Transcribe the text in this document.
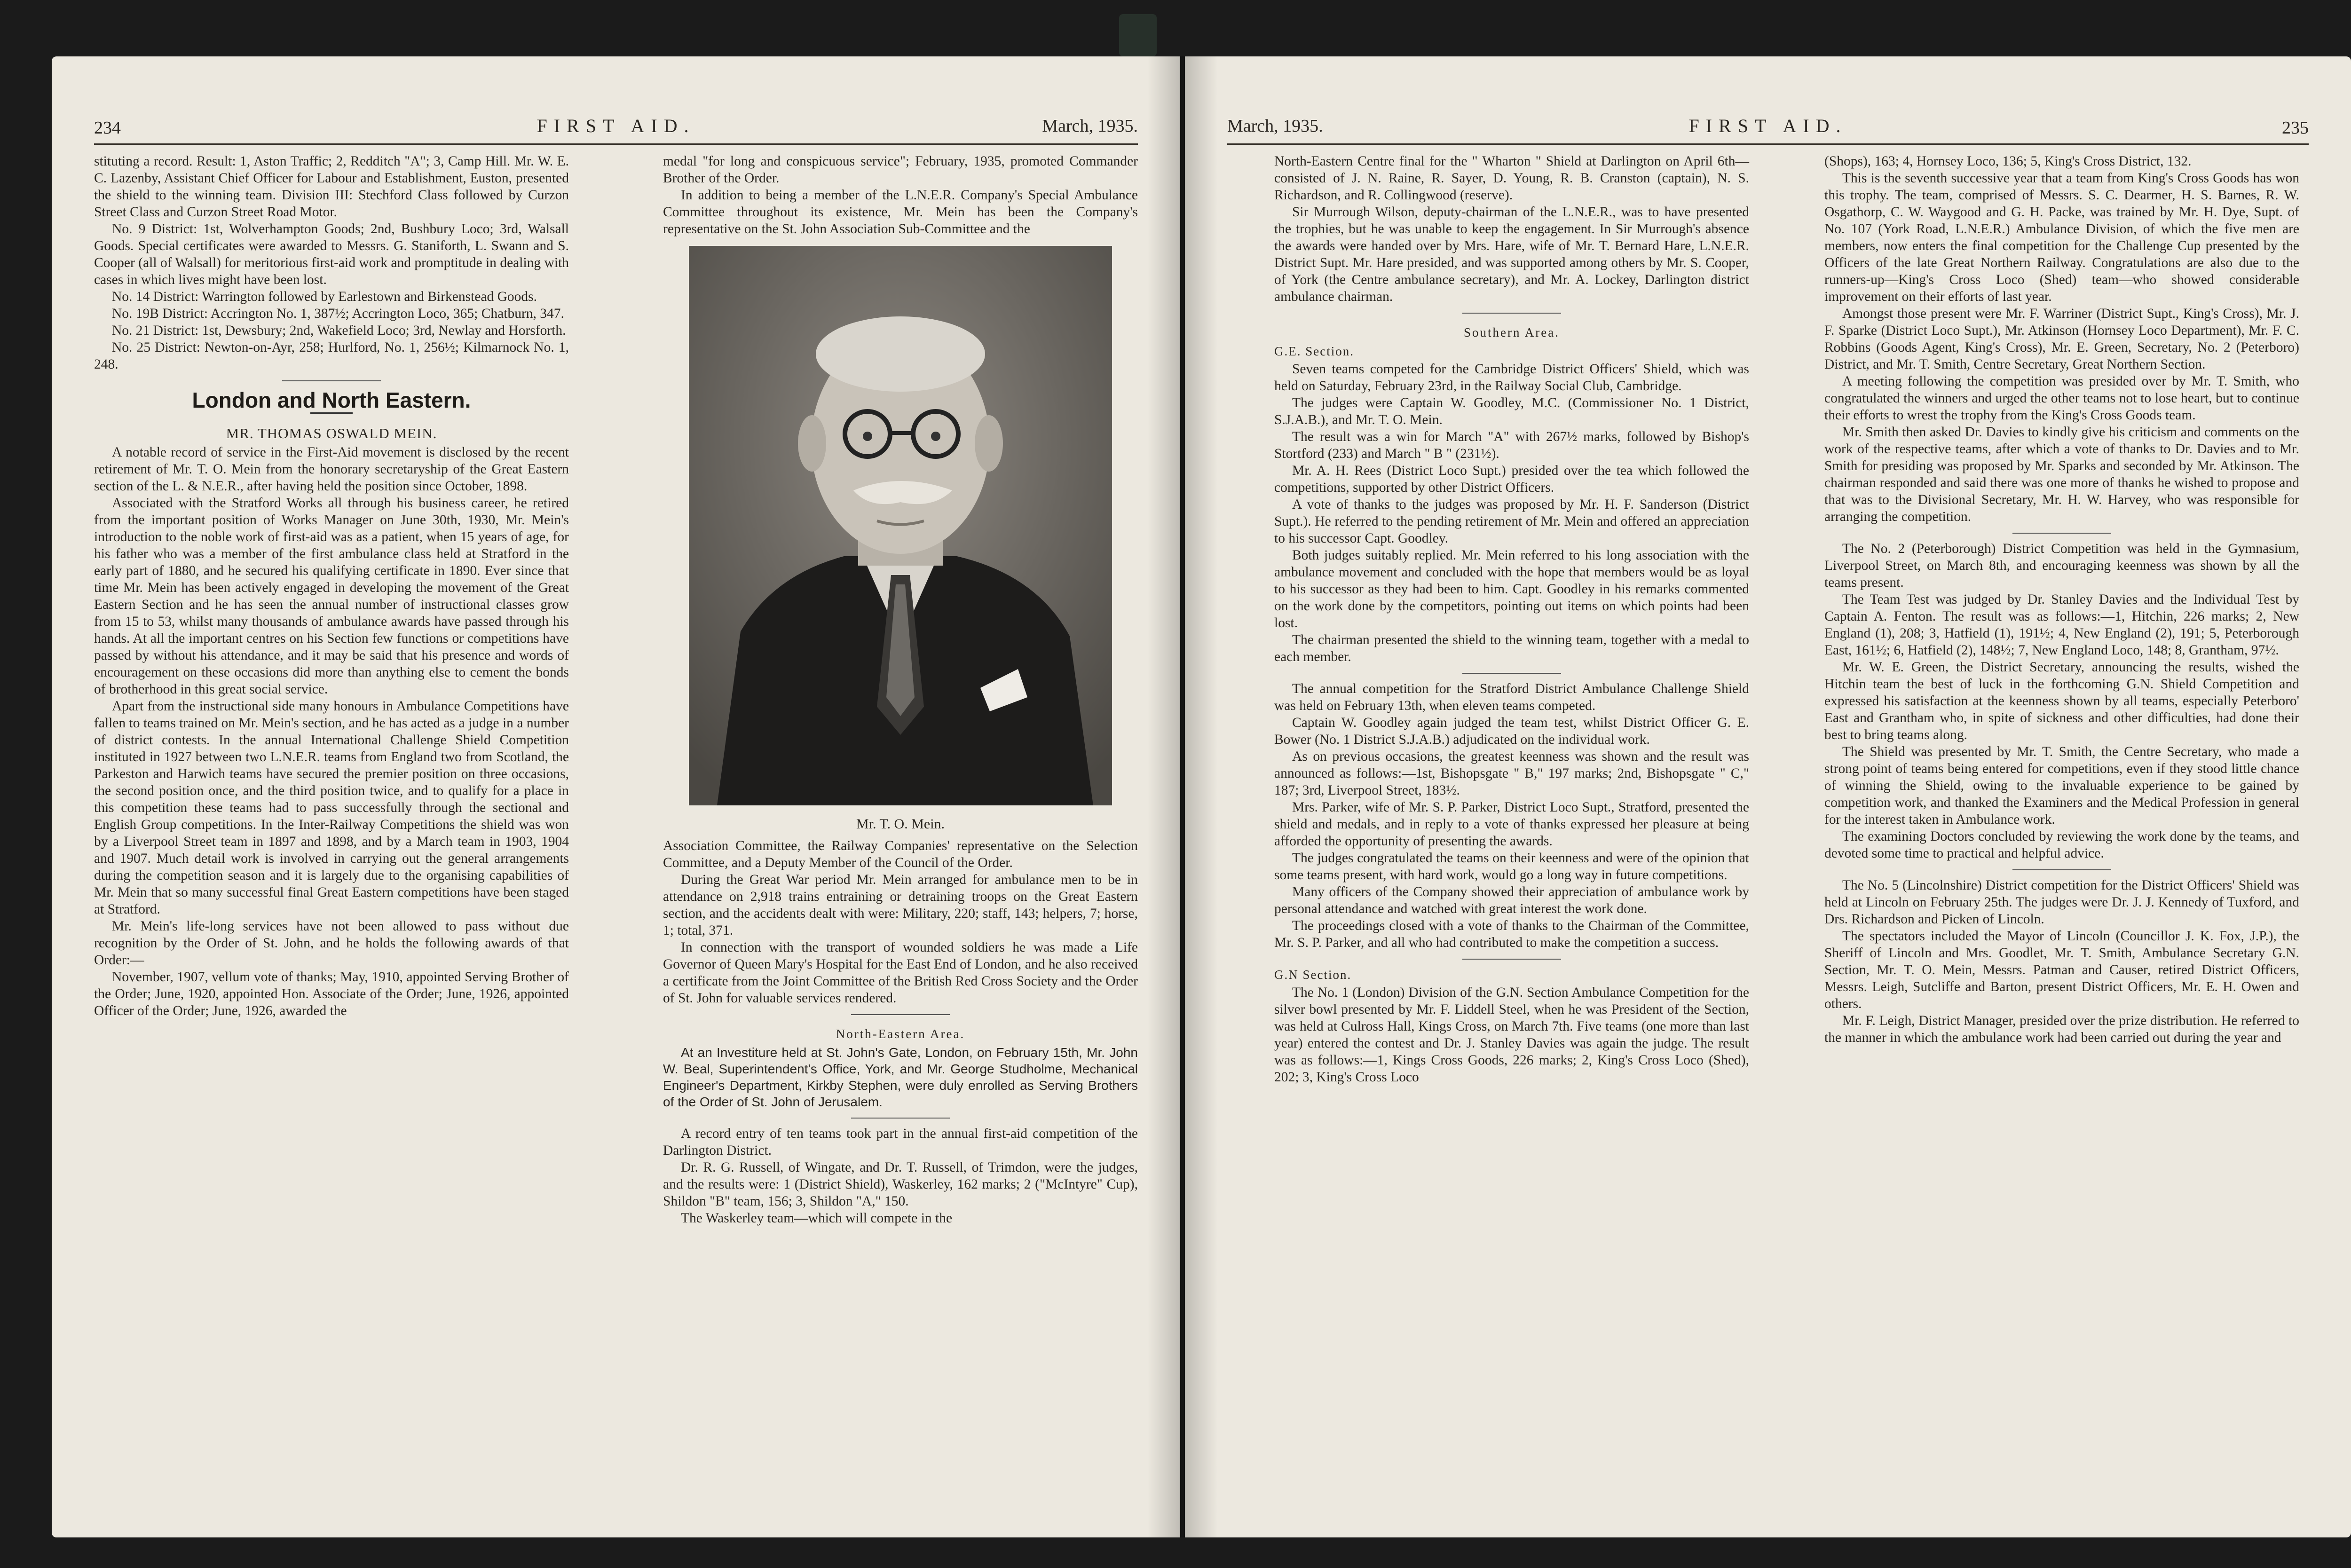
234	FIRST AID.	March, 1935.

stituting a record. Result: 1, Aston Traffic; 2, Redditch "A"; 3, Camp Hill. Mr. W. E. C. Lazenby, Assistant Chief Officer for Labour and Establishment, Euston, presented the shield to the winning team. Division III: Stechford Class followed by Curzon Street Class and Curzon Street Road Motor.

No. 9 District: 1st, Wolverhampton Goods; 2nd, Bushbury Loco; 3rd, Walsall Goods. Special certificates were awarded to Messrs. G. Staniforth, L. Swann and S. Cooper (all of Walsall) for meritorious first-aid work and promptitude in dealing with cases in which lives might have been lost.

No. 14 District: Warrington followed by Earlestown and Birkenstead Goods.

No. 19B District: Accrington No. 1, 387½; Accrington Loco, 365; Chatburn, 347.

No. 21 District: 1st, Dewsbury; 2nd, Wakefield Loco; 3rd, Newlay and Horsforth.

No. 25 District: Newton-on-Ayr, 258; Hurlford, No. 1, 256½; Kilmarnock No. 1, 248.

London and North Eastern.
MR. THOMAS OSWALD MEIN.

A notable record of service in the First-Aid movement is disclosed by the recent retirement of Mr. T. O. Mein from the honorary secretaryship of the Great Eastern section of the L. & N.E.R., after having held the position since October, 1898.

Associated with the Stratford Works all through his business career, he retired from the important position of Works Manager on June 30th, 1930, Mr. Mein's introduction to the noble work of first-aid was as a patient, when 15 years of age, for his father who was a member of the first ambulance class held at Stratford in the early part of 1880, and he secured his qualifying certificate in 1890. Ever since that time Mr. Mein has been actively engaged in developing the movement of the Great Eastern Section and he has seen the annual number of instructional classes grow from 15 to 53, whilst many thousands of ambulance awards have passed through his hands. At all the important centres on his Section few functions or competitions have passed by without his attendance, and it may be said that his presence and words of encouragement on these occasions did more than anything else to cement the bonds of brotherhood in this great social service.

Apart from the instructional side many honours in Ambulance Competitions have fallen to teams trained on Mr. Mein's section, and he has acted as a judge in a number of district contests. In the annual International Challenge Shield Competition instituted in 1927 between two L.N.E.R. teams from England two from Scotland, the Parkeston and Harwich teams have secured the premier position on three occasions, the second position once, and the third position twice, and to qualify for a place in this competition these teams had to pass successfully through the sectional and English Group competitions. In the Inter-Railway Competitions the shield was won by a Liverpool Street team in 1897 and 1898, and by a March team in 1903, 1904 and 1907. Much detail work is involved in carrying out the general arrangements during the competition season and it is largely due to the organising capabilities of Mr. Mein that so many successful final Great Eastern competitions have been staged at Stratford.

Mr. Mein's life-long services have not been allowed to pass without due recognition by the Order of St. John, and he holds the following awards of that Order:—

November, 1907, vellum vote of thanks; May, 1910, appointed Serving Brother of the Order; June, 1920, appointed Hon. Associate of the Order; June, 1926, appointed Officer of the Order; June, 1926, awarded the

medal "for long and conspicuous service"; February, 1935, promoted Commander Brother of the Order.

In addition to being a member of the L.N.E.R. Company's Special Ambulance Committee throughout its existence, Mr. Mein has been the Company's representative on the St. John Association Sub-Committee and the

Mr. T. O. Mein.

Association Committee, the Railway Companies' representative on the Selection Committee, and a Deputy Member of the Council of the Order.

During the Great War period Mr. Mein arranged for ambulance men to be in attendance on 2,918 trains entraining or detraining troops on the Great Eastern section, and the accidents dealt with were: Military, 220; staff, 143; helpers, 7; horse, 1; total, 371.

In connection with the transport of wounded soldiers he was made a Life Governor of Queen Mary's Hospital for the East End of London, and he also received a certificate from the Joint Committee of the British Red Cross Society and the Order of St. John for valuable services rendered.

North-Eastern Area.

At an Investiture held at St. John's Gate, London, on February 15th, Mr. John W. Beal, Superintendent's Office, York, and Mr. George Studholme, Mechanical Engineer's Department, Kirkby Stephen, were duly enrolled as Serving Brothers of the Order of St. John of Jerusalem.

A record entry of ten teams took part in the annual first-aid competition of the Darlington District.

Dr. R. G. Russell, of Wingate, and Dr. T. Russell, of Trimdon, were the judges, and the results were: 1 (District Shield), Waskerley, 162 marks; 2 ("McIntyre" Cup), Shildon "B" team, 156; 3, Shildon "A," 150.

The Waskerley team—which will compete in the

March, 1935.	FIRST AID.	235

North-Eastern Centre final for the " Wharton " Shield at Darlington on April 6th—consisted of J. N. Raine, R. Sayer, D. Young, R. B. Cranston (captain), N. S. Richardson, and R. Collingwood (reserve).

Sir Murrough Wilson, deputy-chairman of the L.N.E.R., was to have presented the trophies, but he was unable to keep the engagement. In Sir Murrough's absence the awards were handed over by Mrs. Hare, wife of Mr. T. Bernard Hare, L.N.E.R. District Supt. Mr. Hare presided, and was supported among others by Mr. S. Cooper, of York (the Centre ambulance secretary), and Mr. A. Lockey, Darlington district ambulance chairman.

Southern Area.
G.E. Section.

Seven teams competed for the Cambridge District Officers' Shield, which was held on Saturday, February 23rd, in the Railway Social Club, Cambridge.

The judges were Captain W. Goodley, M.C. (Commissioner No. 1 District, S.J.A.B.), and Mr. T. O. Mein.

The result was a win for March "A" with 267½ marks, followed by Bishop's Stortford (233) and March " B " (231½).

Mr. A. H. Rees (District Loco Supt.) presided over the tea which followed the competitions, supported by other District Officers.

A vote of thanks to the judges was proposed by Mr. H. F. Sanderson (District Supt.). He referred to the pending retirement of Mr. Mein and offered an appreciation to his successor Capt. Goodley.

Both judges suitably replied. Mr. Mein referred to his long association with the ambulance movement and concluded with the hope that members would be as loyal to his successor as they had been to him. Capt. Goodley in his remarks commented on the work done by the competitors, pointing out items on which points had been lost.

The chairman presented the shield to the winning team, together with a medal to each member.

The annual competition for the Stratford District Ambulance Challenge Shield was held on February 13th, when eleven teams competed.

Captain W. Goodley again judged the team test, whilst District Officer G. E. Bower (No. 1 District S.J.A.B.) adjudicated on the individual work.

As on previous occasions, the greatest keenness was shown and the result was announced as follows:—1st, Bishopsgate " B," 197 marks; 2nd, Bishopsgate " C," 187; 3rd, Liverpool Street, 183½.

Mrs. Parker, wife of Mr. S. P. Parker, District Loco Supt., Stratford, presented the shield and medals, and in reply to a vote of thanks expressed her pleasure at being afforded the opportunity of presenting the awards.

The judges congratulated the teams on their keenness and were of the opinion that some teams present, with hard work, would go a long way in future competitions.

Many officers of the Company showed their appreciation of ambulance work by personal attendance and watched with great interest the work done.

The proceedings closed with a vote of thanks to the Chairman of the Committee, Mr. S. P. Parker, and all who had contributed to make the competition a success.

G.N Section.

The No. 1 (London) Division of the G.N. Section Ambulance Competition for the silver bowl presented by Mr. F. Liddell Steel, when he was President of the Section, was held at Culross Hall, Kings Cross, on March 7th. Five teams (one more than last year) entered the contest and Dr. J. Stanley Davies was again the judge. The result was as follows:—1, Kings Cross Goods, 226 marks; 2, King's Cross Loco (Shed), 202; 3, King's Cross Loco

(Shops), 163; 4, Hornsey Loco, 136; 5, King's Cross District, 132.

This is the seventh successive year that a team from King's Cross Goods has won this trophy. The team, comprised of Messrs. S. C. Dearmer, H. S. Barnes, R. W. Osgathorp, C. W. Waygood and G. H. Packe, was trained by Mr. H. Dye, Supt. of No. 107 (York Road, L.N.E.R.) Ambulance Division, of which the five men are members, now enters the final competition for the Challenge Cup presented by the Officers of the late Great Northern Railway. Congratulations are also due to the runners-up—King's Cross Loco (Shed) team—who showed considerable improvement on their efforts of last year.

Amongst those present were Mr. F. Warriner (District Supt., King's Cross), Mr. J. F. Sparke (District Loco Supt.), Mr. Atkinson (Hornsey Loco Department), Mr. F. C. Robbins (Goods Agent, King's Cross), Mr. E. Green, Secretary, No. 2 (Peterboro) District, and Mr. T. Smith, Centre Secretary, Great Northern Section.

A meeting following the competition was presided over by Mr. T. Smith, who congratulated the winners and urged the other teams not to lose heart, but to continue their efforts to wrest the trophy from the King's Cross Goods team.

Mr. Smith then asked Dr. Davies to kindly give his criticism and comments on the work of the respective teams, after which a vote of thanks to Dr. Davies and to Mr. Smith for presiding was proposed by Mr. Sparks and seconded by Mr. Atkinson. The chairman responded and said there was one more of thanks he wished to propose and that was to the Divisional Secretary, Mr. H. W. Harvey, who was responsible for arranging the competition.

The No. 2 (Peterborough) District Competition was held in the Gymnasium, Liverpool Street, on March 8th, and encouraging keenness was shown by all the teams present.

The Team Test was judged by Dr. Stanley Davies and the Individual Test by Captain A. Fenton. The result was as follows:—1, Hitchin, 226 marks; 2, New England (1), 208; 3, Hatfield (1), 191½; 4, New England (2), 191; 5, Peterborough East, 161½; 6, Hatfield (2), 148½; 7, New England Loco, 148; 8, Grantham, 97½.

Mr. W. E. Green, the District Secretary, announcing the results, wished the Hitchin team the best of luck in the forthcoming G.N. Shield Competition and expressed his satisfaction at the keenness shown by all teams, especially Peterboro' East and Grantham who, in spite of sickness and other difficulties, had done their best to bring teams along.

The Shield was presented by Mr. T. Smith, the Centre Secretary, who made a strong point of teams being entered for competitions, even if they stood little chance of winning the Shield, owing to the invaluable experience to be gained by competition work, and thanked the Examiners and the Medical Profession in general for the interest taken in Ambulance work.

The examining Doctors concluded by reviewing the work done by the teams, and devoted some time to practical and helpful advice.

The No. 5 (Lincolnshire) District competition for the District Officers' Shield was held at Lincoln on February 25th. The judges were Dr. J. J. Kennedy of Tuxford, and Drs. Richardson and Picken of Lincoln.

The spectators included the Mayor of Lincoln (Councillor J. K. Fox, J.P.), the Sheriff of Lincoln and Mrs. Goodlet, Mr. T. Smith, Ambulance Secretary G.N. Section, Mr. T. O. Mein, Messrs. Patman and Causer, retired District Officers, Messrs. Leigh, Sutcliffe and Barton, present District Officers, Mr. E. H. Owen and others.

Mr. F. Leigh, District Manager, presided over the prize distribution. He referred to the manner in which the ambulance work had been carried out during the year and
